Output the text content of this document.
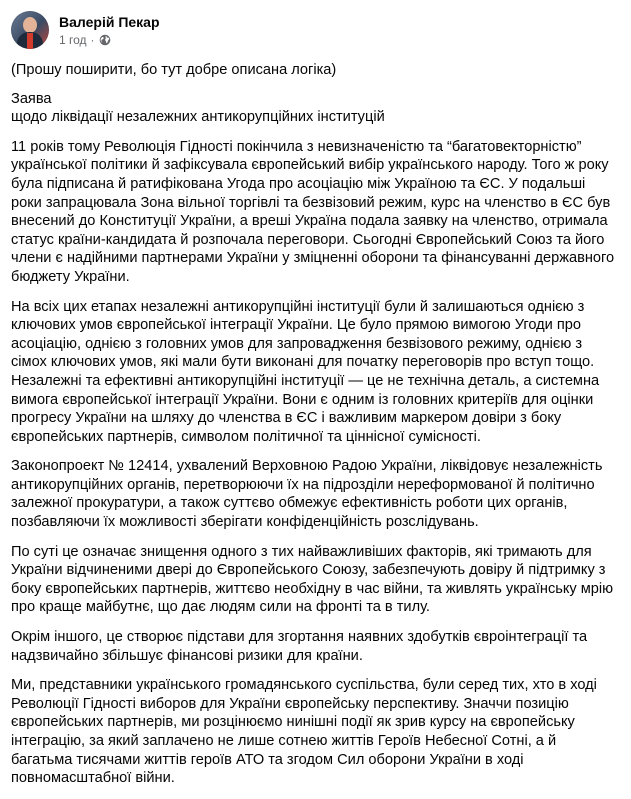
Валерій Пекар
1 год ·

(Прошу поширити, бо тут добре описана логіка)

Заява

щодо ліквідації незалежних антикорупційних інституцій

11 років тому Революція Гідності покінчила з невизначеністю та “багатовекторністю” української політики й зафіксувала європейський вибір українського народу. Того ж року була підписана й ратифікована Угода про асоціацію між Україною та ЄС. У подальші роки запрацювала Зона вільної торгівлі та безвізовий режим, курс на членство в ЄС був внесений до Конституції України, а вреші Україна подала заявку на членство, отримала статус країни-кандидата й розпочала переговори. Сьогодні Європейський Союз та його члени є надійними партнерами України у зміцненні оборони та фінансуванні державного бюджету України.

На всіх цих етапах незалежні антикорупційні інституції були й залишаються однією з ключових умов європейської інтеграції України. Це було прямою вимогою Угоди про асоціацію, однією з головних умов для запровадження безвізового режиму, однією з сімох ключових умов, які мали бути виконані для початку переговорів про вступ тощо. Незалежні та ефективні антикорупційні інституції — це не технічна деталь, а системна вимога європейської інтеграції України. Вони є одним із головних критеріїв для оцінки прогресу України на шляху до членства в ЄС і важливим маркером довіри з боку європейських партнерів, символом політичної та ціннісної сумісності.

Законопроект № 12414, ухвалений Верховною Радою України, ліквідовує незалежність антикорупційних органів, перетворюючи їх на підрозділи нереформованої й політично залежної прокуратури, а також суттєво обмежує ефективність роботи цих органів, позбавляючи їх можливості зберігати конфіденційність розслідувань.

По суті це означає знищення одного з тих найважливіших факторів, які тримають для України відчиненими двері до Європейського Союзу, забезпечують довіру й підтримку з боку європейських партнерів, життєво необхідну в час війни, та живлять українську мрію про краще майбутнє, що дає людям сили на фронті та в тилу.

Окрім іншого, це створює підстави для згортання наявних здобутків євроінтеграції та надзвичайно збільшує фінансові ризики для країни.

Ми, представники українського громадянського суспільства, були серед тих, хто в ході Революції Гідності виборов для України європейську перспективу. Значчи позицію європейських партнерів, ми розцінюємо нинішні події як зрив курсу на європейську інтеграцію, за який заплачено не лише сотнею життів Героїв Небесної Сотні, а й багатьма тисячами життів героїв АТО та згодом Сил оборони України в ході повномасштабної війни.
